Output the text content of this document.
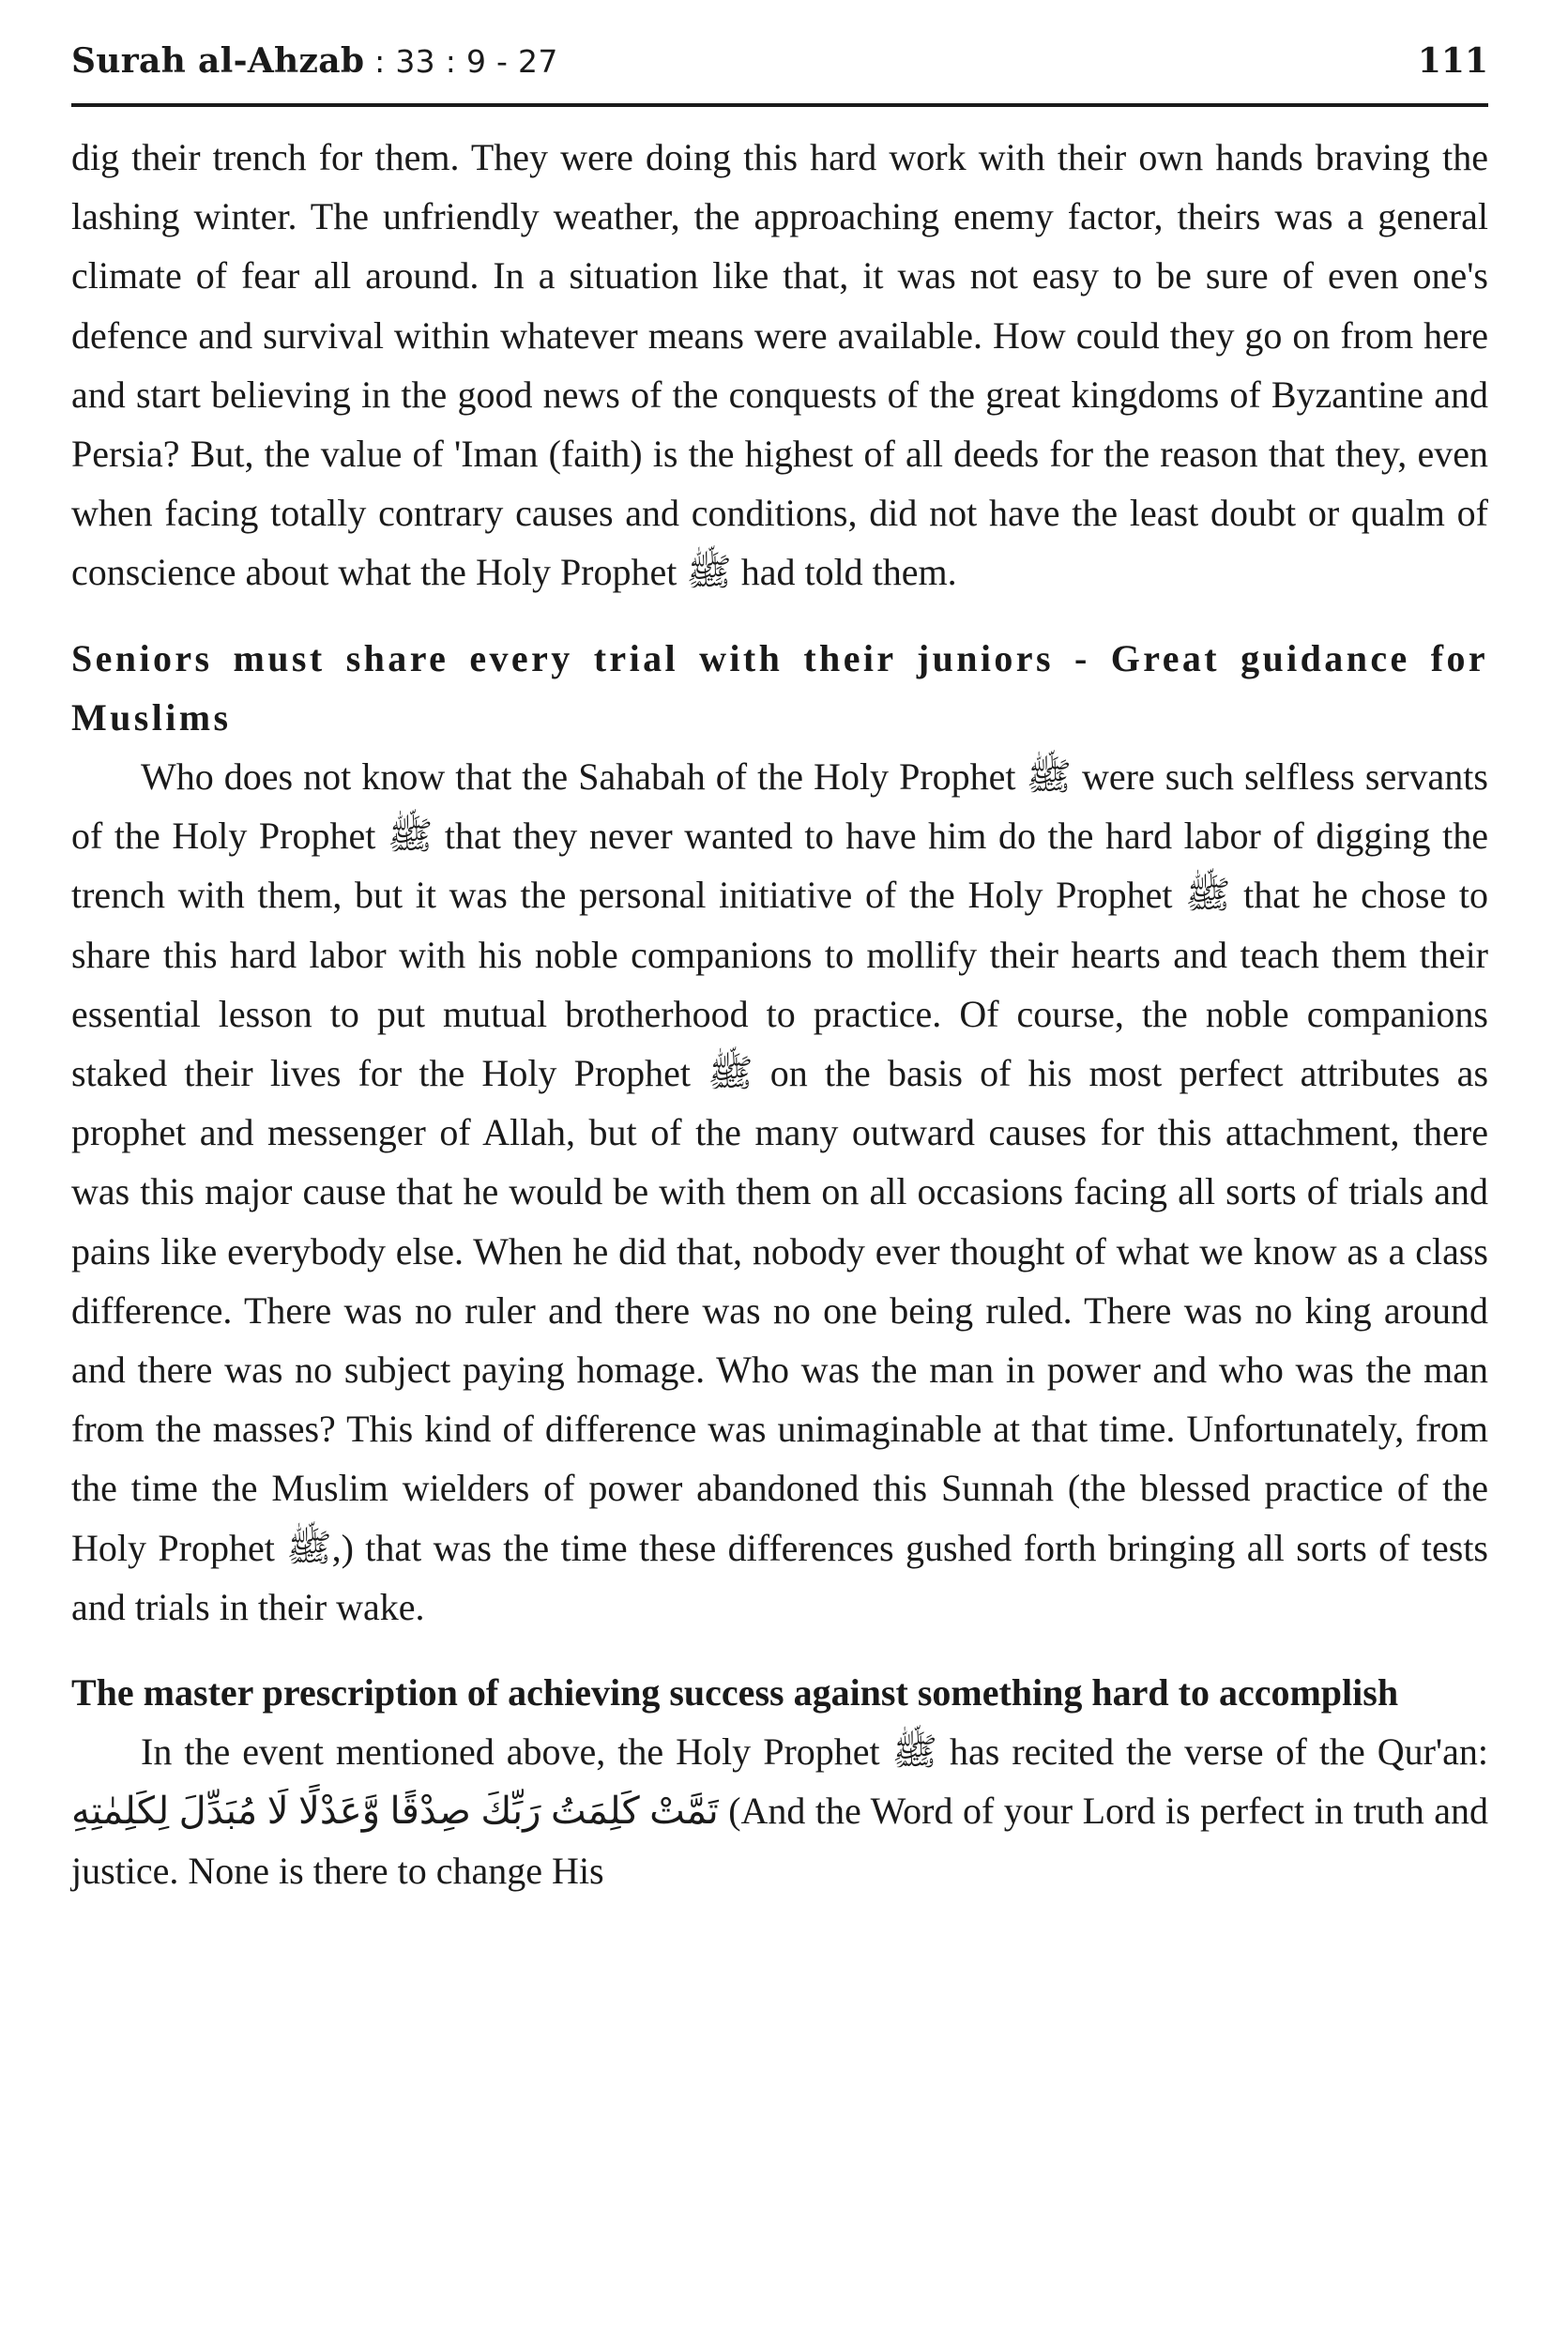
Surah al-Ahzab : 33 : 9 - 27	111

dig their trench for them. They were doing this hard work with their own hands braving the lashing winter. The unfriendly weather, the approaching enemy factor, theirs was a general climate of fear all around. In a situation like that, it was not easy to be sure of even one's defence and survival within whatever means were available. How could they go on from here and start believing in the good news of the conquests of the great kingdoms of Byzantine and Persia? But, the value of 'Iman (faith) is the highest of all deeds for the reason that they, even when facing totally contrary causes and conditions, did not have the least doubt or qualm of conscience about what the Holy Prophet ﷺ had told them.

Seniors must share every trial with their juniors - Great guidance for Muslims

Who does not know that the Sahabah of the Holy Prophet ﷺ were such selfless servants of the Holy Prophet ﷺ that they never wanted to have him do the hard labor of digging the trench with them, but it was the personal initiative of the Holy Prophet ﷺ that he chose to share this hard labor with his noble companions to mollify their hearts and teach them their essential lesson to put mutual brotherhood to practice. Of course, the noble companions staked their lives for the Holy Prophet ﷺ on the basis of his most perfect attributes as prophet and messenger of Allah, but of the many outward causes for this attachment, there was this major cause that he would be with them on all occasions facing all sorts of trials and pains like everybody else. When he did that, nobody ever thought of what we know as a class difference. There was no ruler and there was no one being ruled. There was no king around and there was no subject paying homage. Who was the man in power and who was the man from the masses? This kind of difference was unimaginable at that time. Unfortunately, from the time the Muslim wielders of power abandoned this Sunnah (the blessed practice of the Holy Prophet ﷺ,) that was the time these differences gushed forth bringing all sorts of tests and trials in their wake.

The master prescription of achieving success against something hard to accomplish

In the event mentioned above, the Holy Prophet ﷺ has recited the verse of the Qur'an: تَمَّتْ كَلِمَتُ رَبِّكَ صِدْقًا وَّعَدْلًا لَا مُبَدِّلَ لِكَلِمٰتِهِ (And the Word of your Lord is perfect in truth and justice. None is there to change His
